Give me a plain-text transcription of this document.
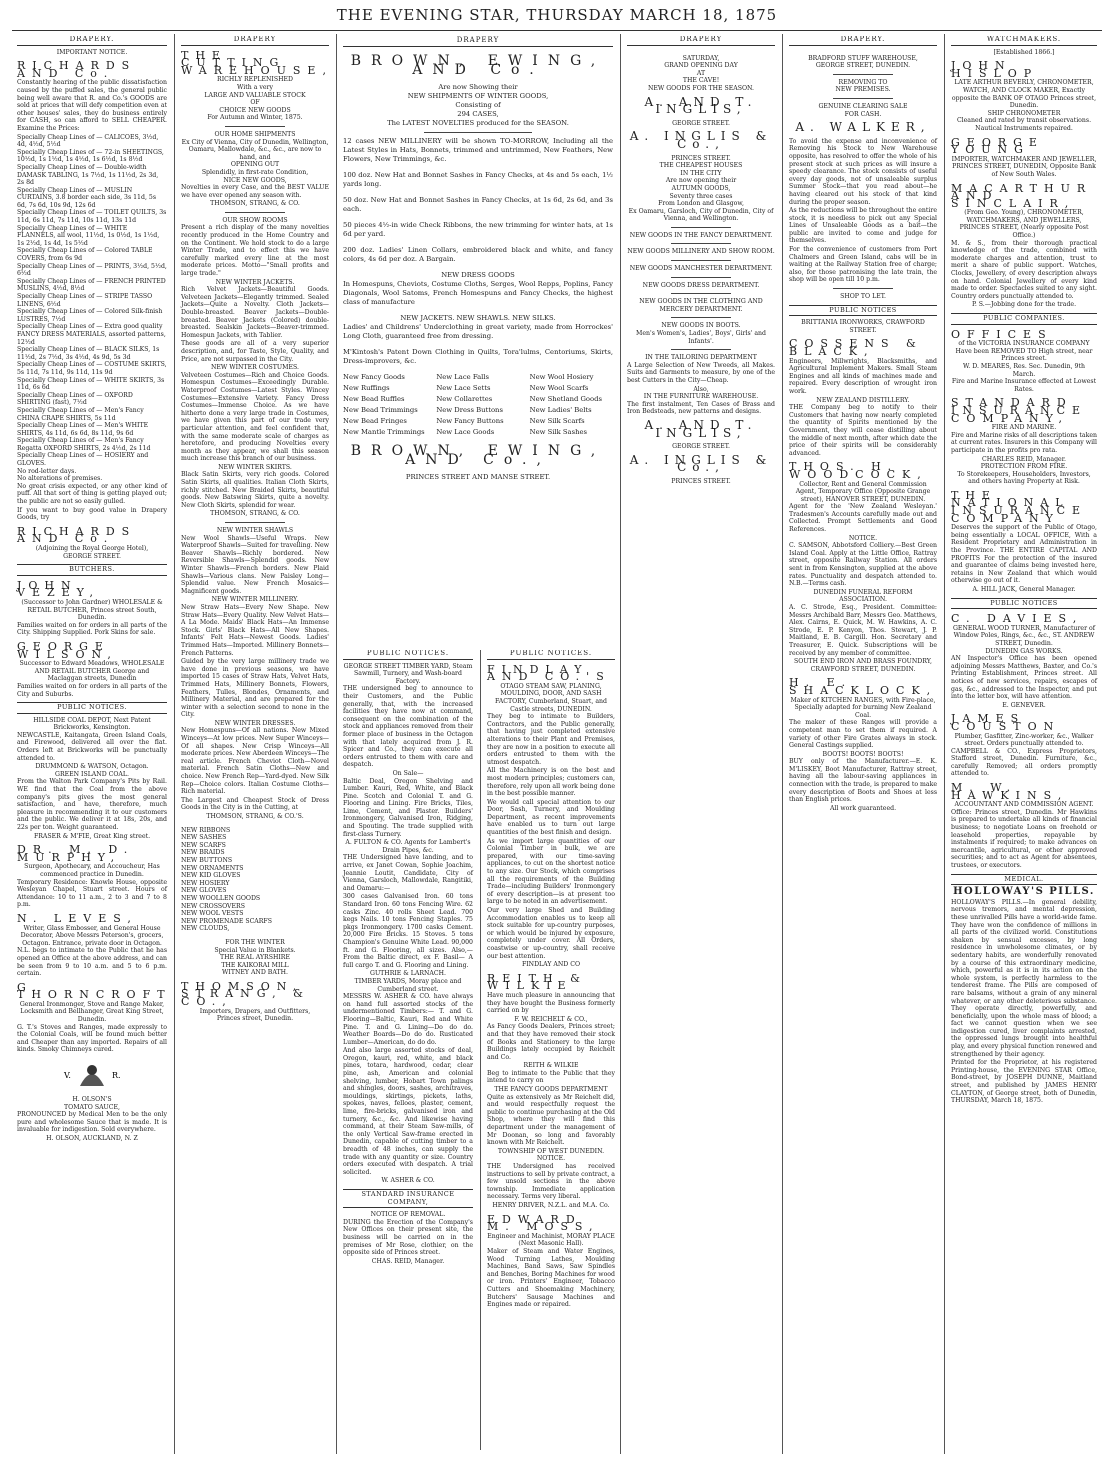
THE EVENING STAR, THURSDAY MARCH 18, 1875
DRAPERY.
IMPORTANT NOTICE.
RICHARDS AND Co.
Constantly hearing of the public dissatisfaction caused by the puffed sales, the general public being well aware that R. and Co.'s GOODS are sold at prices that will defy competition even at other houses' sales, they do business entirely for CASH, so can afford to SELL CHEAPER. Examine the Prices:
Specially Cheap Lines of — CALICOES, 3½d, 4d, 4½d, 5½d
Specially Cheap Lines of — 72-in SHEETINGS, 10½d, 1s 1½d, 1s 4½d, 1s 6½d, 1s 8½d
Specially Cheap Lines of — Double-width DAMASK TABLING, 1s 7½d, 1s 11½d, 2s 3d, 2s 8d
Specially Cheap Lines of — MUSLIN CURTAINS, 3.8 border each side, 3s 11d, 5s 6d, 7s 6d, 10s 9d, 12s 6d
Specially Cheap Lines of — TOILET QUILTS, 3s 11d, 6s 11d, 7s 11d, 10s 11d, 13s 11d
Specially Cheap Lines of — WHITE FLANNELS, all wool, 11½d, 1s 0½d, 1s 1½d, 1s 2½d, 1s 4d, 1s 5½d
Specially Cheap Lines of — Colored TABLE COVERS, from 6s 9d
Specially Cheap Lines of — PRINTS, 3½d, 5½d, 6½d
Specially Cheap Lines of — FRENCH PRINTED MUSLINS, 4½d, 8½d
Specially Cheap Lines of — STRIPE TASSO LINENS, 6½d
Specially Cheap Lines of — Colored Silk-finish LUSTRES, 7½d
Specially Cheap Lines of — Extra good quality FANCY DRESS MATERIALS, assorted patterns, 12½d
Specially Cheap Lines of — BLACK SILKS, 1s 11½d, 2s 7½d, 3s 4½d, 4s 9d, 5s 3d
Specially Cheap Lines of — COSTUME SKIRTS, 5s 11d, 7s 11d, 9s 11d, 11s 9d
Specially Cheap Lines of — WHITE SKIRTS, 3s 11d, 6s 6d
Specially Cheap Lines of — OXFORD SHIRTING (fast), 7½d
Specially Cheap Lines of — Men's Fancy CHINA CRAPE SHIRTS, 5s 11d
Specially Cheap Lines of — Men's WHITE SHIRTS, 4s 11d, 6s 6d, 8s 11d, 9s 6d
Specially Cheap Lines of — Men's Fancy Regatta OXFORD SHIRTS, 2s 4½d, 2s 11d
Specially Cheap Lines of — HOSIERY and GLOVES.
No rod-letter days.
No alterations of premises.
No great crisis expected, or any other kind of puff. All that sort of thing is getting played out; the public are not so easily gulled.
If you want to buy good value in Drapery Goods, try
RICHARDS AND Co.
(Adjoining the Royal George Hotel),
GEORGE STREET.
BUTCHERS.
JOHN VEZEY,
(Successor to John Gardner) WHOLESALE & RETAIL BUTCHER, Princes street South, Dunedin.
Families waited on for orders in all parts of the City. Shipping Supplied. Pork Skins for sale.
GEORGE WILSON,
Successor to Edward Meadows, WHOLESALE AND RETAIL BUTCHER George and Maclaggan streets, Dunedin
Families waited on for orders in all parts of the City and Suburbs.
PUBLIC NOTICES.
HILLSIDE COAL DEPOT, Next Patent Brickworks, Kensington.
NEWCASTLE, Kaitangata, Green Island Coals, and Firewood, delivered all over the flat. Orders left at Brickworks will be punctually attended to.
DRUMMOND & WATSON, Octagon.
GREEN ISLAND COAL.
From the Walton Park Company's Pits by Rail. WE find that the Coal from the above company's pits gives the most general satisfaction, and have, therefore, much pleasure in recommending it to our customers and the public. We deliver it at 18s, 20s, and 22s per ton. Weight guaranteed.
FRASER & M'FIE, Great King street.
DR. M. D. MURPHY,
Surgeon, Apothecary, and Accoucheur, Has commenced practice in Dunedin.
Temporary Residence: Knowle House, opposite Wesleyan Chapel, Stuart street. Hours of Attendance: 10 to 11 a.m., 2 to 3 and 7 to 8 p.m.
N. LEVES,
Writer, Glass Embosser, and General House Decorator, Above Messrs Peterson's, grocers, Octagon. Entrance, private door in Octagon.
N.L. begs to intimate to the Public that he has opened an Office at the above address, and can be seen from 9 to 10 a.m. and 5 to 6 p.m. certain.
G. THORNCROFT
General Ironmonger, Stove and Range Maker, Locksmith and Bellhanger, Great King Street, Dunedin.
G. T.'s Stoves and Ranges, made expressly to the Colonial Coals, will be found much better and Cheaper than any imported. Repairs of all kinds. Smoky Chimneys cured.
V.	R.
H. OLSON'S
TOMATO SAUCE,
PRONOUNCED by Medical Men to be the only pure and wholesome Sauce that is made. It is invaluable for indigestion. Sold everywhere.
H. OLSON, AUCKLAND, N. Z
DRAPERY
THE CUTTING WAREHOUSE,
RICHLY REPLENISHED
With a very
LARGE AND VALUABLE STOCK
OF
CHOICE NEW GOODS
For Autumn and Winter, 1875.
OUR HOME SHIPMENTS
Ex City of Vienna, City of Dunedin, Wellington, Oamaru, Mallowdale, &c., &c., are now to hand, and
OPENING OUT
Splendidly, in first-rate Condition,
NICE NEW GOODS,
Novelties in every Case, and the BEST VALUE we have ever opened any season with.
THOMSON, STRANG, & CO.
OUR SHOW ROOMS
Present a rich display of the many novelties recently produced in the Home Country and on the Continent. We hold stock to do a large Winter Trade, and to effect this we have carefully marked every line at the most moderate prices. Motto—"Small profits and large trade."
NEW WINTER JACKETS.
Rich Velvet Jackets—Beautiful Goods. Velveteen Jackets—Elegantly trimmed. Sealed Jackets—Quite a Novelty. Cloth Jackets—Double-breasted. Beaver Jackets—Double-breasted. Beaver Jackets (Colored) double-breasted. Sealskin Jackets—Beaver-trimmed. Homespun Jackets, with Tablier.
These goods are all of a very superior description, and, for Taste, Style, Quality, and Price, are not surpassed in the City.
NEW WINTER COSTUMES.
Velveteen Costumes—Rich and Choice Goods. Homespun Costumes—Exceedingly Durable. Waterproof Costumes—Latest Styles. Wincey Costumes—Extensive Variety. Fancy Dress Costumes—Immense Choice. As we have hitherto done a very large trade in Costumes, we have given this part of our trade very particular attention, and feel confident that, with the same moderate scale of charges as heretofore, and producing Novelties every month as they appear, we shall this season much increase this branch of our business.
NEW WINTER SKIRTS.
Black Satin Skirts, very rich goods. Colored Satin Skirts, all qualities. Italian Cloth Skirts, richly stitched. New Braided Skirts, beautiful goods. New Batswing Skirts, quite a novelty. New Cloth Skirts, splendid for wear.
THOMSON, STRANG, & CO.
NEW WINTER SHAWLS
New Wool Shawls—Useful Wraps. New Waterproof Shawls—Suited for travelling. New Beaver Shawls—Richly bordered. New Reversible Shawls—Splendid goods. New Winter Shawls—French borders. New Plaid Shawls—Various clans. New Paisley Long—Splendid value. New French Mosaics—Magnificent goods.
NEW WINTER MILLINERY.
New Straw Hats—Every New Shape. New Straw Hats—Every Quality. New Velvet Hats—A La Mode. Maids' Black Hats—An Immense Stock. Girls' Black Hats—All New Shapes. Infants' Felt Hats—Newest Goods. Ladies' Trimmed Hats—Imported. Millinery Bonnets—French Patterns.
Guided by the very large millinery trade we have done in previous seasons, we have imported 15 cases of Straw Hats, Velvet Hats, Trimmed Hats, Millinery Bonnets, Flowers, Feathers, Tulles, Blondes, Ornaments, and Millinery Material, and are prepared for the winter with a selection second to none in the City.
NEW WINTER DRESSES.
New Homespuns—Of all nations. New Mixed Winceys—At low prices. New Super Winceys—Of all shapes. New Crisp Winceys—All moderate prices. New Aberdeen Winceys—The real article. French Cheviot Cloth—Novel material. French Satin Cloths—New and choice. New French Rep—Yard-dyed. New Silk Rep—Choice colors. Italian Costume Cloths—Rich material.
The Largest and Cheapest Stock of Dress Goods in the City is in the Cutting, at
THOMSON, STRANG, & CO.'S.
NEW RIBBONS
NEW SASHES
NEW SCARFS
NEW BRAIDS
NEW BUTTONS
NEW ORNAMENTS
NEW KID GLOVES
NEW HOSIERY
NEW GLOVES
NEW WOOLLEN GOODS
NEW CROSSOVERS
NEW WOOL VESTS
NEW PROMENADE SCARFS
NEW CLOUDS,
FOR THE WINTER
Special Value in Blankets.
THE REAL AYRSHIRE
THE KAIKORAI MILL
WITNEY AND BATH.
THOMSON, STRANG, & CO.,
Importers, Drapers, and Outfitters,
Princes street, Dunedin.
DRAPERY
BROWN, EWING, AND Co.
Are now Showing their
NEW SHIPMENTS OF WINTER GOODS,
Consisting of
294 CASES,
The LATEST NOVELTIES produced for the SEASON.
12 cases NEW MILLINERY will be shown TO-MORROW, Including all the Latest Styles in Hats, Bonnets, trimmed and untrimmed, New Feathers, New Flowers, New Trimmings, &c.
100 doz. New Hat and Bonnet Sashes in Fancy Checks, at 4s and 5s each, 1½ yards long.
50 doz. New Hat and Bonnet Sashes in Fancy Checks, at 1s 6d, 2s 6d, and 3s each.
50 pieces 4½-in wide Check Ribbons, the new trimming for winter hats, at 1s 6d per yard.
200 doz. Ladies' Linen Collars, embroidered black and white, and fancy colors, 4s 6d per doz. A Bargain.
NEW DRESS GOODS
In Homespuns, Cheviots, Costume Cloths, Serges, Wool Repps, Poplins, Fancy Diagonals, Wool Satoms, French Homespuns and Fancy Checks, the highest class of manufacture
NEW JACKETS. NEW SHAWLS. NEW SILKS.
Ladies' and Childrens' Underclothing in great variety, made from Horrockes' Long Cloth, guaranteed free from dressing.
M'Kintosh's Patent Down Clothing in Quilts, Tora'lulms, Centoriums, Skirts, Dress-improvers, &c.
New Fancy Goods	New Lace Falls	New Wool Hosiery
New Ruffings	New Lace Setts	New Wool Scarfs
New Bead Ruffles	New Collarettes	New Shetland Goods
New Bead Trimmings	New Dress Buttons	New Ladies' Belts
New Bead Fringes	New Fancy Buttons	New Silk Scarfs
New Mantle Trimmings New Lace Goods	New Silk Sashes
BROWN, EWING, AND Co.,
PRINCES STREET AND MANSE STREET.
DRAPERY
SATURDAY,
GRAND OPENING DAY
AT
THE CAVE!
NEW GOODS FOR THE SEASON.
A. AND T. INGLIS,
GEORGE STREET.
A. INGLIS & Co.,
PRINCES STREET.
THE CHEAPEST HOUSES
IN THE CITY
Are now opening their
AUTUMN GOODS,
Seventy three cases
From London and Glasgow,
Ex Oamaru, Garsloch, City of Dunedin, City of Vienna, and Wellington.
NEW GOODS IN THE FANCY DEPARTMENT.
NEW GOODS MILLINERY AND SHOW ROOM.
NEW GOODS MANCHESTER DEPARTMENT.
NEW GOODS DRESS DEPARTMENT.
NEW GOODS IN THE CLOTHING AND MERCERY DEPARTMENT.
NEW GOODS IN BOOTS.
Men's Women's, Ladies', Boys', Girls' and Infants'.
IN THE TAILORING DEPARTMENT
A Large Selection of New Tweeds, all Makes. Suits and Garments to measure, by one of the best Cutters in the City—Cheap.
Also,
IN THE FURNITURE WAREHOUSE.
The first instalment, Ten Cases of Brass and Iron Bedsteads, new patterns and designs.
A. AND T. INGLIS,
GEORGE STREET.
A. INGLIS & Co.,
PRINCES STREET.
DRAPERY.
BRADFORD STUFF WAREHOUSE,
GEORGE STREET, DUNEDIN.
REMOVING TO
NEW PREMISES.
GENUINE CLEARING SALE
FOR CASH.
A. WALKER,
To avoid the expense and inconvenience of Removing his Stock to New Warehouse opposite, has resolved to offer the whole of his present stock at such prices as will insure a speedy clearance. The stock consists of useful every day goods, not of unsaleable surplus Summer Stock—that you read about—he having cleared out his stock of that kind during the proper season.
As the reductions will be throughout the entire stock, it is needless to pick out any Special Lines of Unsaleable Goods as a bait—the public are invited to come and judge for themselves.
For the convenience of customers from Port Chalmers and Green Island, cabs will be in waiting at the Railway Station free of charge; also, for those patronising the late train, the shop will be open till 10 p.m.
SHOP TO LET.
PUBLIC NOTICES
BRITTANIA IRONWORKS, CRAWFORD STREET.
COSSENS & BLACK,
Engineers, Millwrights, Blacksmiths, and Agricultural Implement Makers. Small Steam Engines and all kinds of machines made and repaired. Every description of wrought iron work.
NEW ZEALAND DISTILLERY.
THE Company beg to notify to their Customers that having now nearly completed the quantity of Spirits mentioned by the Government, they will cease distilling about the middle of next month, after which date the price of their spirits will be considerably advanced.
THOS. H. WOODCOCK,
Collector, Rent and General Commission Agent, Temporary Office (Opposite Grange street), HANOVER STREET, DUNEDIN.
Agent for the 'New Zealand Wesleyan.' Tradesmen's Accounts carefully made out and Collected. Prompt Settlements and Good References.
NOTICE.
C. SAMSON, Abbotsford Colliery.—Best Green Island Coal. Apply at the Little Office, Rattray street, opposite Railway Station. All orders sent in from Kensington, supplied at the above rates. Punctuality and despatch attended to. N.B.—Terms cash.
DUNEDIN FUNERAL REFORM ASSOCIATION.
A. C. Strode, Esq., President. Committee: Messrs Archibald Barr, Messrs Geo. Matthews, Alex. Cairns, E. Quick, M. W. Hawkins, A. C. Strode, E. P. Kenyon, Thos. Stewart, J. P. Maitland, E. B. Cargill. Hon. Secretary and Treasurer, E. Quick. Subscriptions will be received by any member of committee.
SOUTH END IRON AND BRASS FOUNDRY, CRAWFORD STREET, DUNEDIN.
H. E. SHACKLOCK,
Maker of KITCHEN RANGES, with Fire-place, Specially adapted for burning New Zealand Coal.
The maker of these Ranges will provide a competent man to set them if required. A variety of other Fire Grates always in stock. General Castings supplied.
BOOTS! BOOTS! BOOTS!
BUY only of the Manufacturer.—E. K. M'LISKEY, Boot Manufacturer, Rattray street, having all the labour-saving appliances in connection with the trade, is prepared to make every description of Boots and Shoes at less than English prices.
All work guaranteed.
WATCHMAKERS.
[Established 1866.]
JOHN HISLOP
LATE ARTHUR BEVERLY, CHRONOMETER, WATCH, AND CLOCK MAKER, Exactly opposite the BANK OF OTAGO Princes street, Dunedin.
SHIP CHRONOMETER
Cleaned and rated by transit observations. Nautical Instruments repaired.
GEORGE YOUNG
IMPORTER, WATCHMAKER AND JEWELLER, PRINCES STREET, DUNEDIN, Opposite Bank of New South Wales.
MACARTHUR AND SINCLAIR,
(From Geo. Young), CHRONOMETER, WATCHMAKERS, AND JEWELLERS, PRINCES STREET, (Nearly opposite Post Office.)
M. & S., from their thorough practical knowledge of the trade, combined with moderate charges and attention, trust to merit a share of public support. Watches, Clocks, Jewellery, of every description always on hand. Colonial Jewellery of every kind made to order. Spectacles suited to any sight. Country orders punctually attended to.
P. S.—Jobbing done for the trade.
PUBLIC COMPANIES.
OFFICES
of the VICTORIA INSURANCE COMPANY Have been REMOVED TO High street, near Princes street.
W. D. MEARES, Res. Sec. Dunedin, 9th March.
Fire and Marine Insurance effected at Lowest Rates.
STANDARD INSURANCE COMPANY,
FIRE AND MARINE.
Fire and Marine risks of all descriptions taken at current rates. Insurers in this Company will participate in the profits pro rata.
CHARLES REID, Manager.
PROTECTION FROM FIRE.
To Storekeepers, Householders, Investors, and others having Property at Risk.
THE NATIONAL INSURANCE COMPANY
Deserves the support of the Public of Otago, being essentially a LOCAL OFFICE, With a Resident Proprietary and Administration in the Province. THE ENTIRE CAPITAL AND PROFITS For the protection of the insured and guarantee of claims being invested here, retains in New Zealand that which would otherwise go out of it.
A. HILL JACK, General Manager.
PUBLIC NOTICES
C. DAVIES,
GENERAL WOOD TURNER, Manufacturer of Window Poles, Rings, &c., &c., ST. ANDREW STREET, Dunedin.
DUNEDIN GAS WORKS.
AN Inspector's Office has been opened adjoining Messrs Matthews, Baxter, and Co.'s Printing Establishment, Princes street. All notices of new services, repairs, escapes of gas, &c., addressed to the Inspector, and put into the letter box, will have attention.
E. GENEVER.
JAMES COUSTON
Plumber, Gasfitter, Zinc-worker, &c., Walker street. Orders punctually attended to.
CAMPBELL & CO., Express Proprietors, Stafford street, Dunedin. Furniture, &c., carefully Removed; all orders promptly attended to.
M. W. HAWKINS,
ACCOUNTANT AND COMMISSION AGENT.
Office: Princes street, Dunedin. Mr Hawkins is prepared to undertake all kinds of financial business; to negotiate Loans on freehold or leasehold properties, repayable by instalments if required; to make advances on mercantile, agricultural, or other approved securities; and to act as Agent for absentees, trustees, or executors.
MEDICAL.
HOLLOWAY'S PILLS.
HOLLOWAY'S PILLS.—In general debility, nervous tremors, and mental depression, these unrivalled Pills have a world-wide fame. They have won the confidence of millions in all parts of the civilized world. Constitutions shaken by sensual excesses, by long residence in unwholesome climates, or by sedentary habits, are wonderfully renovated by a course of this extraordinary medicine, which, powerful as it is in its action on the whole system, is perfectly harmless to the tenderest frame. The Pills are composed of rare balsams, without a grain of any mineral whatever, or any other deleterious substance. They operate directly, powerfully, and beneficially, upon the whole mass of blood; a fact we cannot question when we see indigestion cured, liver complaints arrested, the oppressed lungs brought into healthful play, and every physical function renewed and strengthened by their agency.
Printed for the Proprietor, at his registered Printing-house, the EVENING STAR Office, Bond-street, by JOSEPH DUNNE, Maitland street, and published by JAMES HENRY CLAYTON, of George street, both of Dunedin, THURSDAY, March 18, 1875.
PUBLIC NOTICES.
GEORGE STREET TIMBER YARD, Steam Sawmill, Turnery, and Wash-board Factory.
THE undersigned beg to announce to their Customers, and the Public generally, that, with the increased facilities they have now at command, consequent on the combination of the stock and appliances removed from their former place of business in the Octagon with that lately acquired from J. R. Spicer and Co., they can execute all orders entrusted to them with care and despatch.
On Sale—
Baltic Deal, Oregon Shelving and Lumber. Kauri, Red, White, and Black Pine. Scotch and Colonial T. and G. Flooring and Lining. Fire Bricks, Tiles, Lime, Cement, and Plaster. Builders' Ironmongery, Galvanised Iron, Ridging, and Spouting. The trade supplied with first-class Turnery.
A. FULTON & CO. Agents for Lambert's Drain Pipes, &c.
THE Undersigned have landing, and to arrive, ex Janet Cowan, Sophie Joachim, Jeannie Loutit, Candidate, City of Vienna, Garsloch, Mallowdale, Rangitiki, and Oamaru:—
300 cases Galvanised Iron. 60 tons Standard Iron. 60 tons Fencing Wire. 62 casks Zinc. 40 rolls Sheet Lead. 700 kegs Nails. 10 tons Fencing Staples. 75 pkgs Ironmongery. 1700 casks Cement. 20,000 Fire Bricks. 15 Stoves. 5 tons Champion's Genuine White Lead. 90,000 ft. and G. Flooring, all sizes. Also,— From the Baltic direct, ex F. Basil— A full cargo T. and G. Flooring and Lining.
GUTHRIE & LARNACH.
TIMBER YARDS, Moray place and Cumberland street.
MESSRS W. ASHER & CO. have always on hand full assorted stocks of the undermentioned Timbers:— T. and G. Flooring—Baltic, Kauri, Red and White Pine. T. and G. Lining—Do do do. Weather Boards—Do do do. Rusticated Lumber—American, do do do.
And also large assorted stocks of deal, Oregon, kauri, red, white, and black pines, totara, hardwood, cedar, clear pine, ash, American and colonial shelving, lumber, Hobart Town palings and shingles, doors, sashes, architraves, mouldings, skirtings, pickets, laths, spokes, naves, felloes, plaster, cement, lime, fire-bricks, galvanised iron and turnery, &c., &c. And likewise having command, at their Steam Saw-mills, of the only Vertical Saw-frame erected in Dunedin, capable of cutting timber to a breadth of 48 inches, can supply the trade with any quantity or size. Country orders executed with despatch. A trial solicited.
W. ASHER & CO.
STANDARD INSURANCE COMPANY,
NOTICE OF REMOVAL.
DURING the Erection of the Company's New Offices on their present site, the business will be carried on in the premises of Mr Rose, clothier, on the opposite side of Princes street.
CHAS. REID, Manager.
PUBLIC NOTICES.
FINDLAY AND CO.'S
OTAGO STEAM SAW, PLANING, MOULDING, DOOR, AND SASH FACTORY, Cumberland, Stuart, and Castle streets, DUNEDIN.
They beg to intimate to Builders, Contractors, and the Public generally, that having just completed extensive alterations to their Plant and Premises, they are now in a position to execute all orders entrusted to them with the utmost despatch.
All the Machinery is on the best and most modern principles; customers can, therefore, rely upon all work being done in the best possible manner.
We would call special attention to our Door, Sash, Turnery, and Moulding Department, as recent improvements have enabled us to turn out large quantities of the best finish and design.
As we import large quantities of our Colonial Timber in bulk, we are prepared, with our time-saving appliances, to cut on the shortest notice to any size. Our Stock, which comprises all the requirements of the Building Trade—including Builders' Ironmongery of every description—is at present too large to be noted in an advertisement.
Our very large Shed and Building Accommodation enables us to keep all stock suitable for up-country purposes, or which would be injured by exposure, completely under cover. All Orders, coastwise or up-country, shall receive our best attention.
FINDLAY AND CO
REITH & WILKIE
Have much pleasure in announcing that they have bought the Business formerly carried on by
F. W. REICHELT & CO.,
As Fancy Goods Dealers, Princes street; and that they have removed their stock of Books and Stationery to the large Buildings lately occupied by Reichelt and Co.
REITH & WILKIE
Beg to intimate to the Public that they intend to carry on
THE FANCY GOODS DEPARTMENT
Quite as extensively as Mr Reichelt did, and would respectfully request the public to continue purchasing at the Old Shop, where they will find this department under the management of Mr Doonan, so long and favorably known with Mr Reichelt.
TOWNSHIP OF WEST DUNEDIN.
NOTICE.
THE Undersigned has received instructions to sell by private contract, a few unsold sections in the above township. Immediate application necessary. Terms very liberal.
HENRY DRIVER, N.Z.L. and M.A. Co.
EDWARD M. MOSS,
Engineer and Machinist, MORAY PLACE (Next Masonic Hall).
Maker of Steam and Water Engines, Wood Turning Lathes, Moulding Machines, Band Saws, Saw Spindles and Benches, Boring Machines for wood or iron. Printers' Engineer, Tobacco Cutters and Shoemaking Machinery, Butchers' Sausage Machines and Engines made or repaired.
